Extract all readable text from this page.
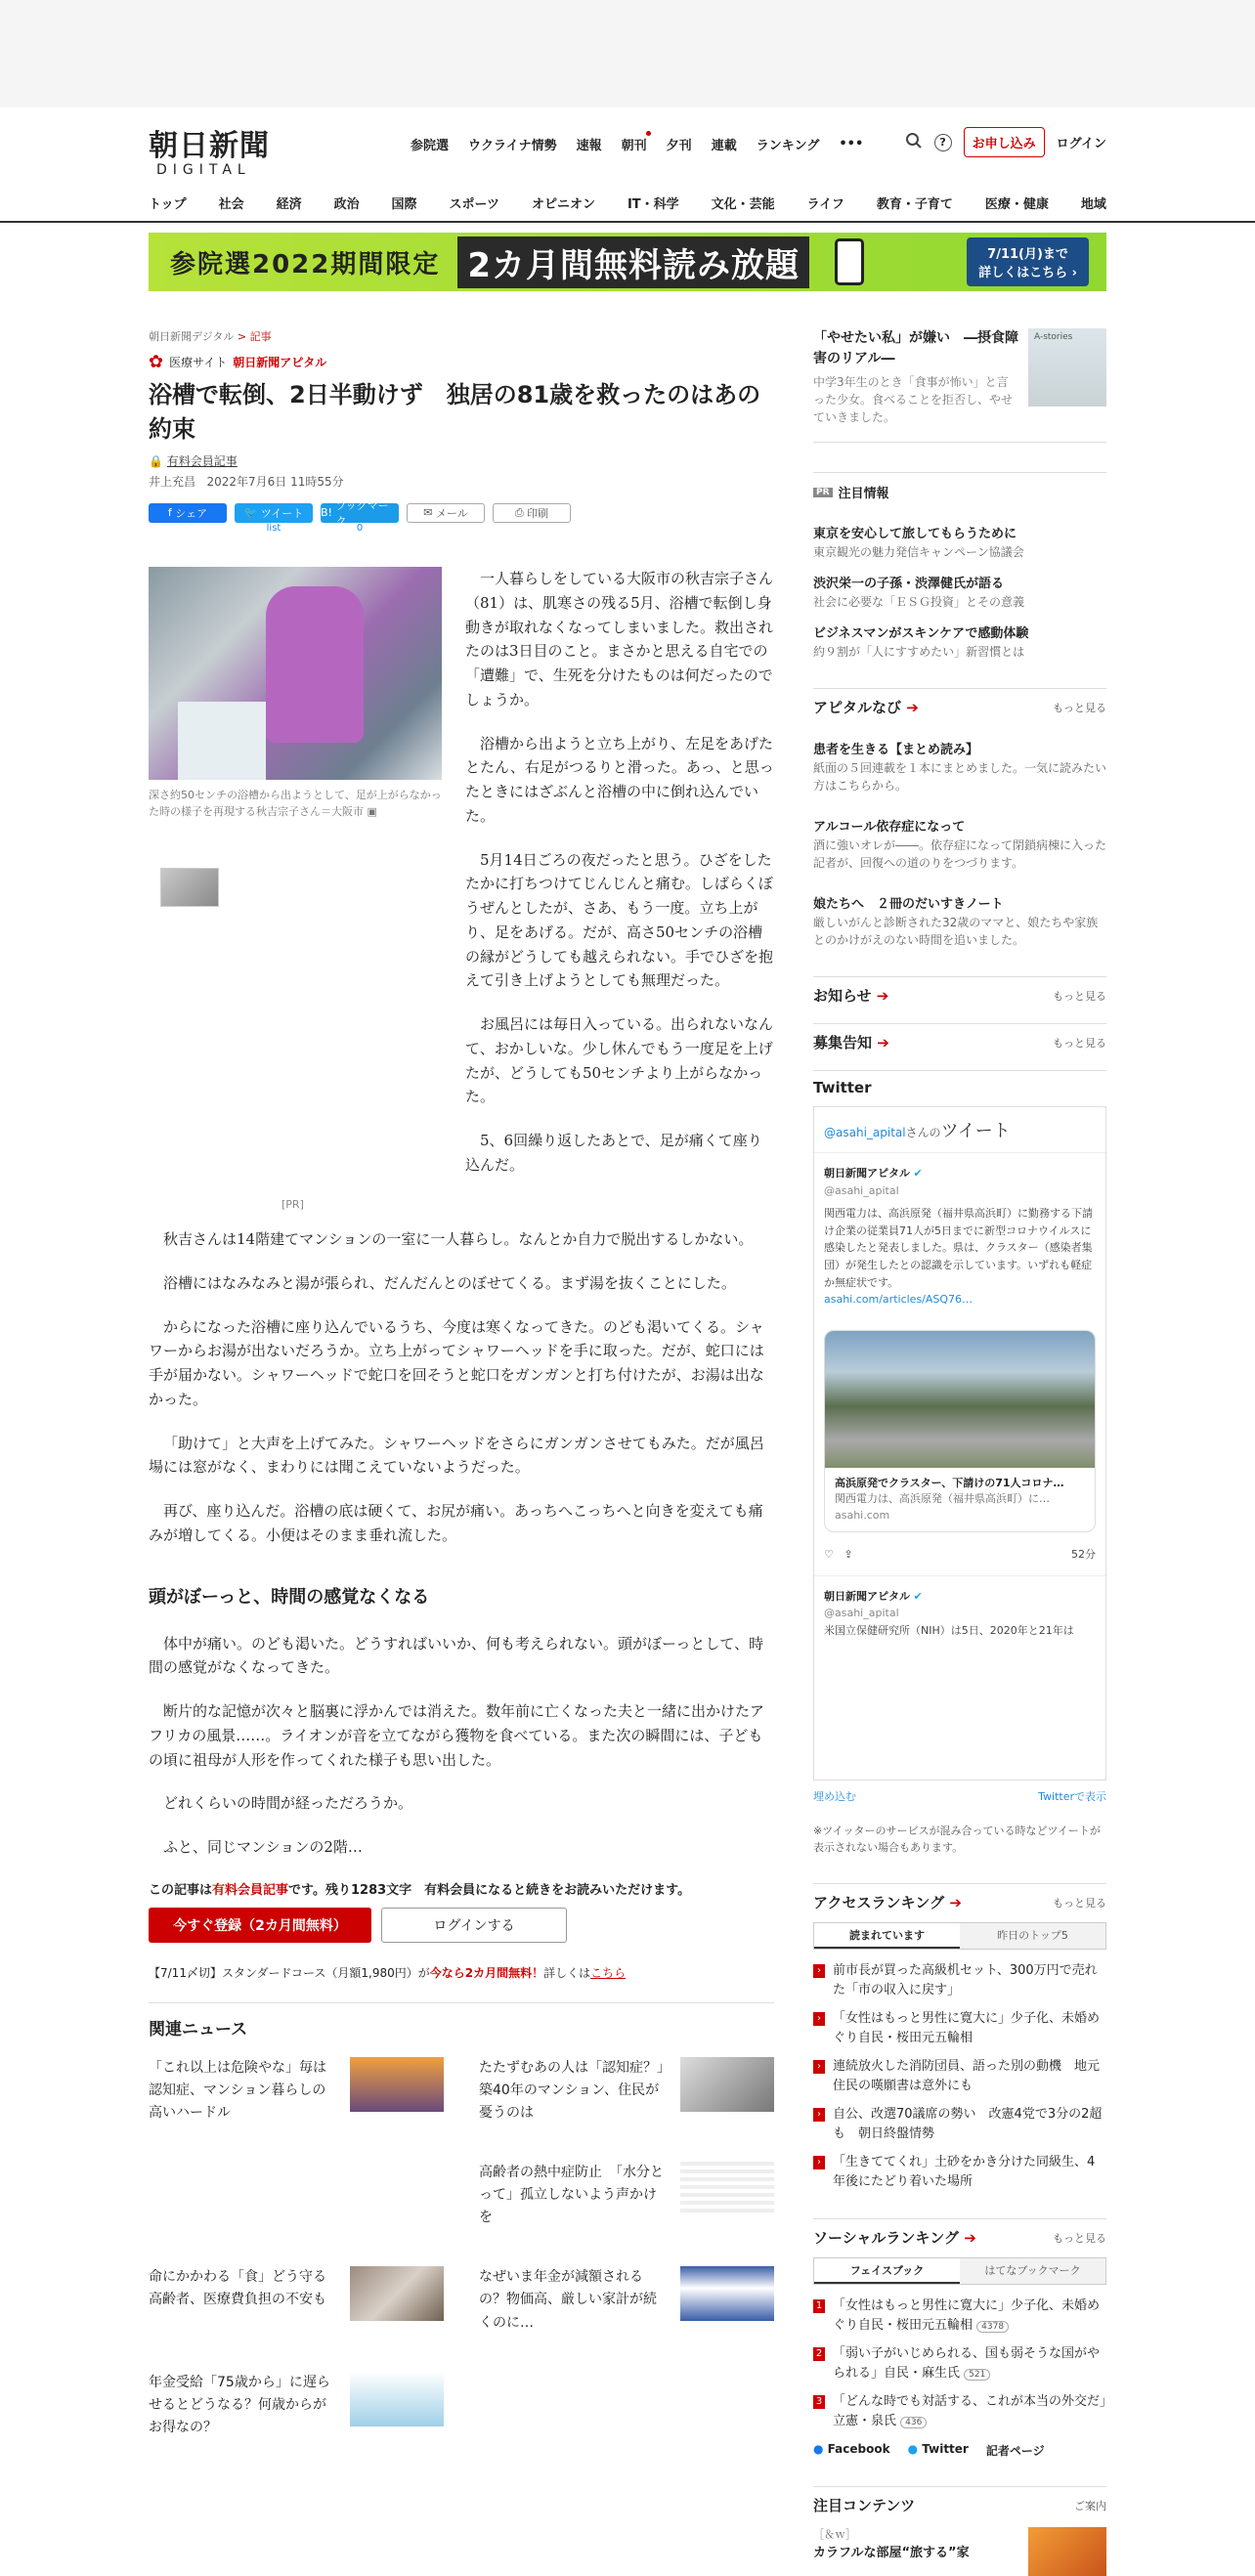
朝日新聞
DIGITAL
参院選 ウクライナ情勢 速報 朝刊 夕刊 連載 ランキング •••	?	お申し込み	ログイン
トップ	社会	経済	政治	国際	スポーツ	オピニオン	IT・科学	文化・芸能	ライフ	教育・子育て	医療・健康	地域
参院選2022期間限定 2カ月間無料読み放題	7/11(月)まで
詳しくはこちら ›
朝日新聞デジタル > 記事
✿ 医療サイト 朝日新聞アピタル
浴槽で転倒、2日半動けず　独居の81歳を救ったのはあの約束
🔒 有料会員記事
井上充昌 2022年7月6日 11時55分
f シェア	🐦 ツイート B!
ブックマーク
✉ メール	⎙ 印刷
list	0
深さ約50センチの浴槽から出ようとして、足が上がらなかった時の様子を再現する秋吉宗子さん＝大阪市 ▣
[PR]

一人暮らしをしている大阪市の秋吉宗子さん（81）は、肌寒さの残る5月、浴槽で転倒し身動きが取れなくなってしまいました。救出されたのは3日目のこと。まさかと思える自宅での「遭難」で、生死を分けたものは何だったのでしょうか。

浴槽から出ようと立ち上がり、左足をあげたとたん、右足がつるりと滑った。あっ、と思ったときにはざぶんと浴槽の中に倒れ込んでいた。

5月14日ごろの夜だったと思う。ひざをしたたかに打ちつけてじんじんと痛む。しばらくぼうぜんとしたが、さあ、もう一度。立ち上がり、足をあげる。だが、高さ50センチの浴槽の縁がどうしても越えられない。手でひざを抱えて引き上げようとしても無理だった。

お風呂には毎日入っている。出られないなんて、おかしいな。少し休んでもう一度足を上げたが、どうしても50センチより上がらなかった。

5、6回繰り返したあとで、足が痛くて座り込んだ。

秋吉さんは14階建てマンションの一室に一人暮らし。なんとか自力で脱出するしかない。

浴槽にはなみなみと湯が張られ、だんだんとのぼせてくる。まず湯を抜くことにした。

からになった浴槽に座り込んでいるうち、今度は寒くなってきた。のども渇いてくる。シャワーからお湯が出ないだろうか。立ち上がってシャワーヘッドを手に取った。だが、蛇口には手が届かない。シャワーヘッドで蛇口を回そうと蛇口をガンガンと打ち付けたが、お湯は出なかった。

「助けて」と大声を上げてみた。シャワーヘッドをさらにガンガンさせてもみた。だが風呂場には窓がなく、まわりには聞こえていないようだった。

再び、座り込んだ。浴槽の底は硬くて、お尻が痛い。あっちへこっちへと向きを変えても痛みが増してくる。小便はそのまま垂れ流した。

頭がぼーっと、時間の感覚なくなる

体中が痛い。のども渇いた。どうすればいいか、何も考えられない。頭がぼーっとして、時間の感覚がなくなってきた。

断片的な記憶が次々と脳裏に浮かんでは消えた。数年前に亡くなった夫と一緒に出かけたアフリカの風景……。ライオンが音を立てながら獲物を食べている。また次の瞬間には、子どもの頃に祖母が人形を作ってくれた様子も思い出した。

どれくらいの時間が経っただろうか。

ふと、同じマンションの2階…

この記事は有料会員記事です。残り1283文字　有料会員になると続きをお読みいただけます。
今すぐ登録（2カ月間無料）	ログインする
【7/11〆切】スタンダードコース（月額1,980円）が今なら2カ月間無料！詳しくはこちら
関連ニュース
「これ以上は危険やな」毎は認知症、マンション暮らしの高いハードル
たたずむあの人は「認知症？」築40年のマンション、住民が憂うのは
高齢者の熱中症防止　「水分とって」孤立しないよう声かけを
命にかかわる「食」どう守る　高齢者、医療費負担の不安も
なぜいま年金が減額されるの？物価高、厳しい家計が続くのに…
年金受給「75歳から」に遅らせるとどうなる？何歳からがお得なの？
「やせたい私」が嫌い　―摂食障害のリアル―
中学3年生のとき「食事が怖い」と言った少女。食べることを拒否し、やせていきました。
A-stories
PR 注目情報
東京を安心して旅してもらうために
東京観光の魅力発信キャンペーン協議会
渋沢栄一の子孫・渋澤健氏が語る
社会に必要な「ＥＳＧ投資」とその意義
ビジネスマンがスキンケアで感動体験
約９割が「人にすすめたい」新習慣とは
アピタルなび ➔	もっと見る
患者を生きる【まとめ読み】
紙面の５回連載を１本にまとめました。一気に読みたい方はこちらから。
アルコール依存症になって
酒に強いオレが――。依存症になって閉鎖病棟に入った記者が、回復への道のりをつづります。
娘たちへ　２冊のだいすきノート
厳しいがんと診断された32歳のママと、娘たちや家族とのかけがえのない時間を追いました。
お知らせ ➔	もっと見る
募集告知 ➔	もっと見る
Twitter
@asahi_apitalさんのツイート
朝日新聞アピタル ✔
@asahi_apital
関西電力は、高浜原発（福井県高浜町）に勤務する下請け企業の従業員71人が5日までに新型コロナウイルスに感染したと発表しました。県は、クラスター（感染者集団）が発生したとの認識を示しています。いずれも軽症か無症状です。
asahi.com/articles/ASQ76…
高浜原発でクラスター、下請けの71人コロナ…
関西電力は、高浜原発（福井県高浜町）に…
asahi.com
♡   ⇪	52分
朝日新聞アピタル ✔
@asahi_apital
米国立保健研究所（NIH）は5日、2020年と21年は
埋め込む	Twitterで表示
※ツイッターのサービスが混み合っている時などツイートが表示されない場合もあります。
アクセスランキング ➔	もっと見る
読まれています	昨日のトップ5
› 前市長が買った高級机セット、300万円で売れた「市の収入に戻す」
› 「女性はもっと男性に寛大に」少子化、未婚めぐり自民・桜田元五輪相
› 連続放火した消防団員、語った別の動機　地元住民の嘆願書は意外にも
› 自公、改選70議席の勢い　改憲4党で3分の2超も　朝日終盤情勢
› 「生きててくれ」土砂をかき分けた同級生、4年後にたどり着いた場所
ソーシャルランキング ➔	もっと見る
フェイスブック	はてなブックマーク
1 「女性はもっと男性に寛大に」少子化、未婚めぐり自民・桜田元五輪相 4378
2 「弱い子がいじめられる、国も弱そうな国がやられる」自民・麻生氏 521
3 「どんな時でも対話する、これが本当の外交だ」立憲・泉氏 436
● Facebook ● Twitter 記者ページ
注目コンテンツ	ご案内
［＆ｗ］
カラフルな部屋“旅する”家
